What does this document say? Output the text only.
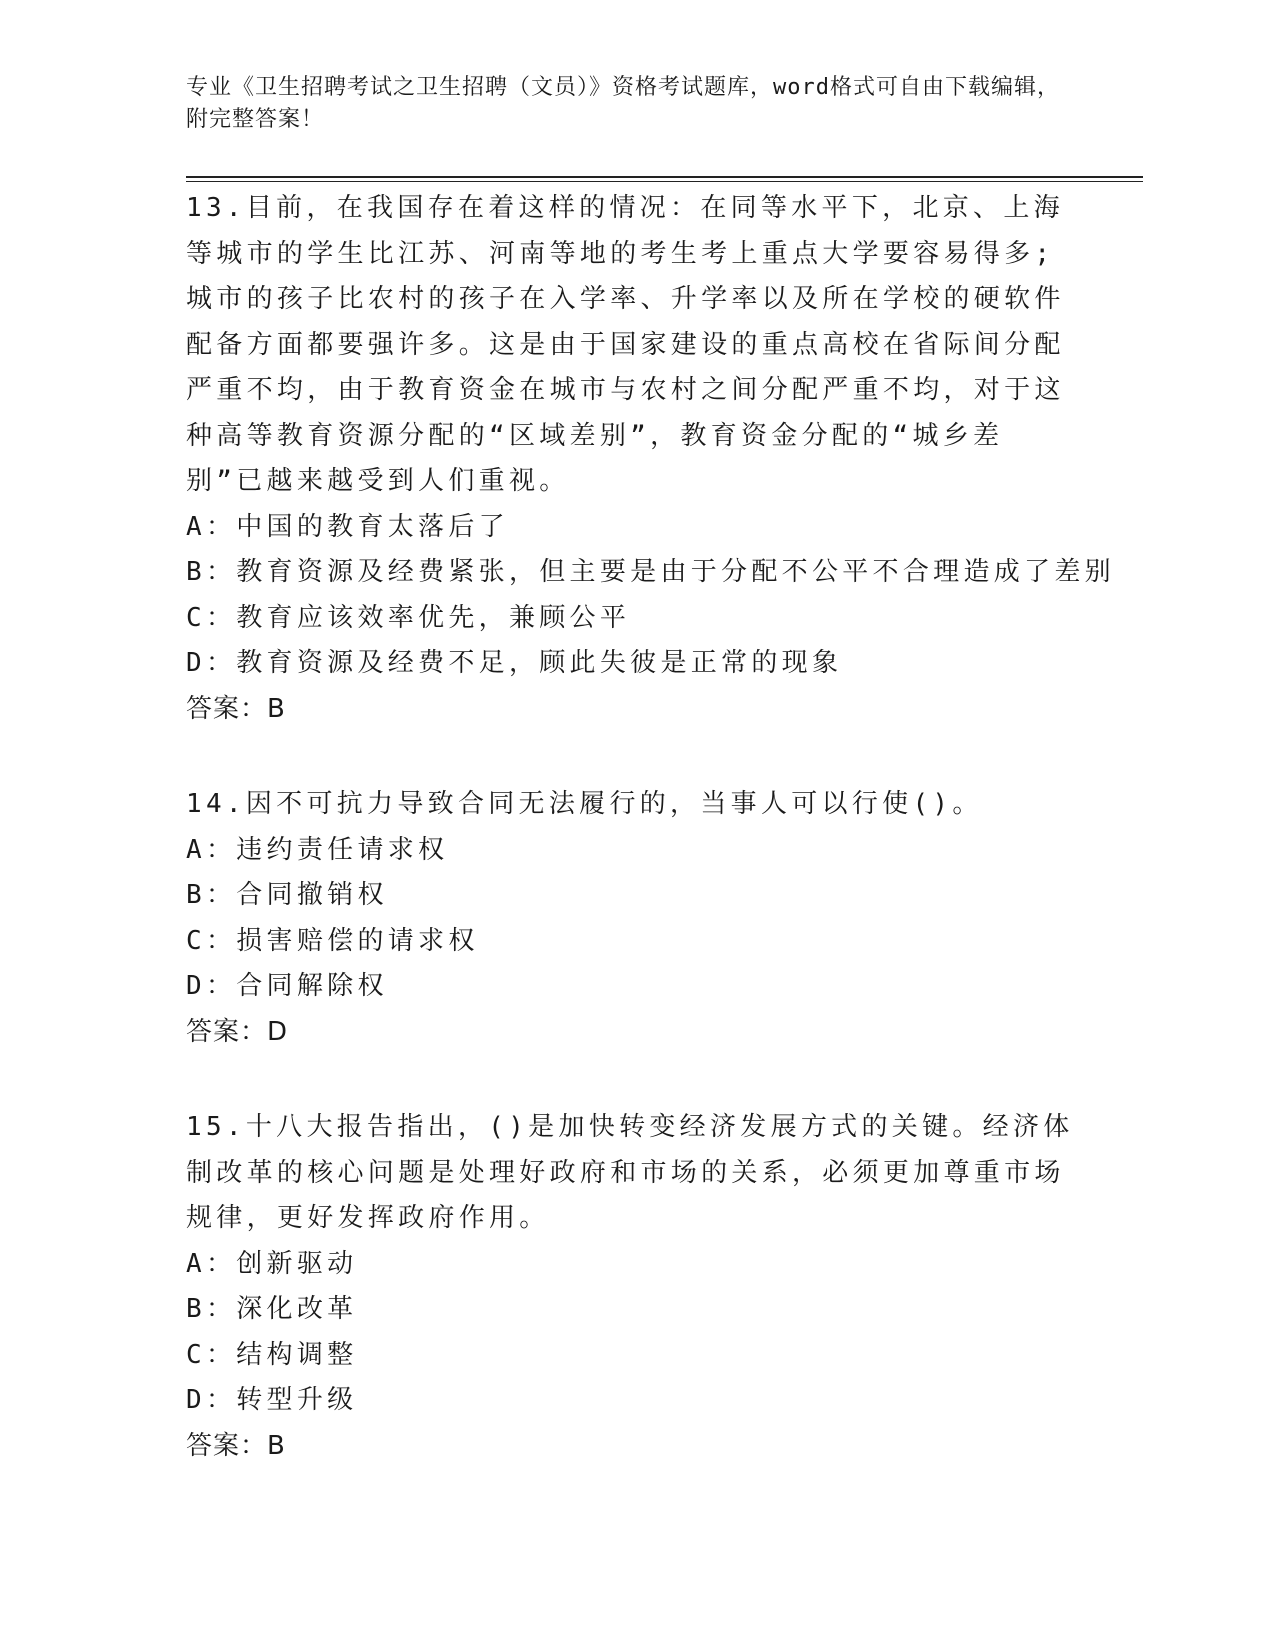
专业《卫生招聘考试之卫生招聘（文员）》资格考试题库，word格式可自由下载编辑，附完整答案！

13.目前，在我国存在着这样的情况：在同等水平下，北京、上海等城市的学生比江苏、河南等地的考生考上重点大学要容易得多;城市的孩子比农村的孩子在入学率、升学率以及所在学校的硬软件配备方面都要强许多。这是由于国家建设的重点高校在省际间分配严重不均，由于教育资金在城市与农村之间分配严重不均，对于这种高等教育资源分配的“区域差别”，教育资金分配的“城乡差别”已越来越受到人们重视。

A：中国的教育太落后了

B：教育资源及经费紧张，但主要是由于分配不公平不合理造成了差别

C：教育应该效率优先，兼顾公平

D：教育资源及经费不足，顾此失彼是正常的现象

答案：B

14.因不可抗力导致合同无法履行的，当事人可以行使()。

A：违约责任请求权

B：合同撤销权

C：损害赔偿的请求权

D：合同解除权

答案：D

15.十八大报告指出，()是加快转变经济发展方式的关键。经济体制改革的核心问题是处理好政府和市场的关系，必须更加尊重市场规律，更好发挥政府作用。

A：创新驱动

B：深化改革

C：结构调整

D：转型升级

答案：B
